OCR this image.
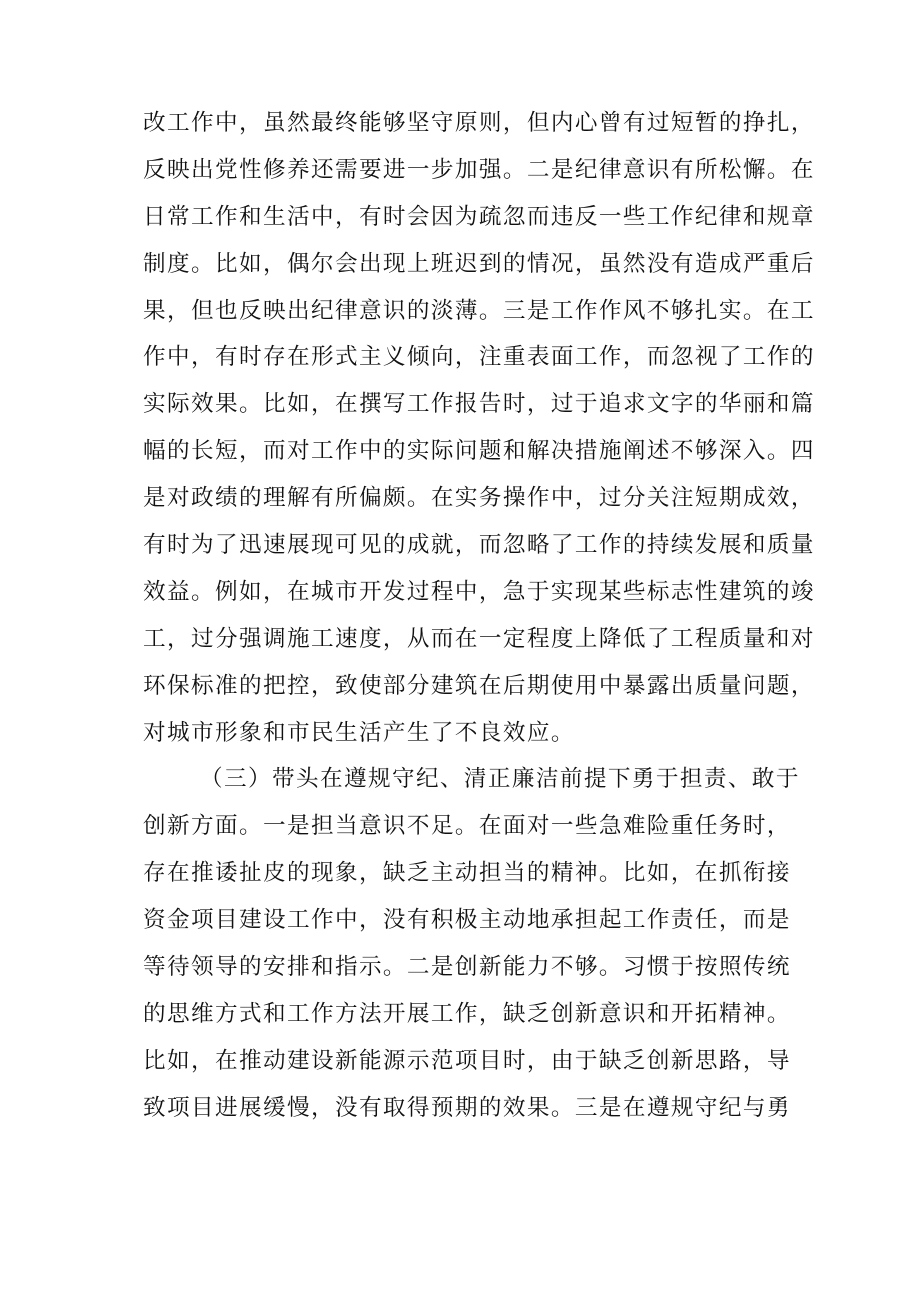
改工作中，虽然最终能够坚守原则，但内心曾有过短暂的挣扎，
反映出党性修养还需要进一步加强。二是纪律意识有所松懈。在
日常工作和生活中，有时会因为疏忽而违反一些工作纪律和规章
制度。比如，偶尔会出现上班迟到的情况，虽然没有造成严重后
果，但也反映出纪律意识的淡薄。三是工作作风不够扎实。在工
作中，有时存在形式主义倾向，注重表面工作，而忽视了工作的
实际效果。比如，在撰写工作报告时，过于追求文字的华丽和篇
幅的长短，而对工作中的实际问题和解决措施阐述不够深入。四
是对政绩的理解有所偏颇。在实务操作中，过分关注短期成效，
有时为了迅速展现可见的成就，而忽略了工作的持续发展和质量
效益。例如，在城市开发过程中，急于实现某些标志性建筑的竣
工，过分强调施工速度，从而在一定程度上降低了工程质量和对
环保标准的把控，致使部分建筑在后期使用中暴露出质量问题，
对城市形象和市民生活产生了不良效应。
（三）带头在遵规守纪、清正廉洁前提下勇于担责、敢于
创新方面。一是担当意识不足。在面对一些急难险重任务时，
存在推诿扯皮的现象，缺乏主动担当的精神。比如，在抓衔接
资金项目建设工作中，没有积极主动地承担起工作责任，而是
等待领导的安排和指示。二是创新能力不够。习惯于按照传统
的思维方式和工作方法开展工作，缺乏创新意识和开拓精神。
比如，在推动建设新能源示范项目时，由于缺乏创新思路，导
致项目进展缓慢，没有取得预期的效果。三是在遵规守纪与勇
